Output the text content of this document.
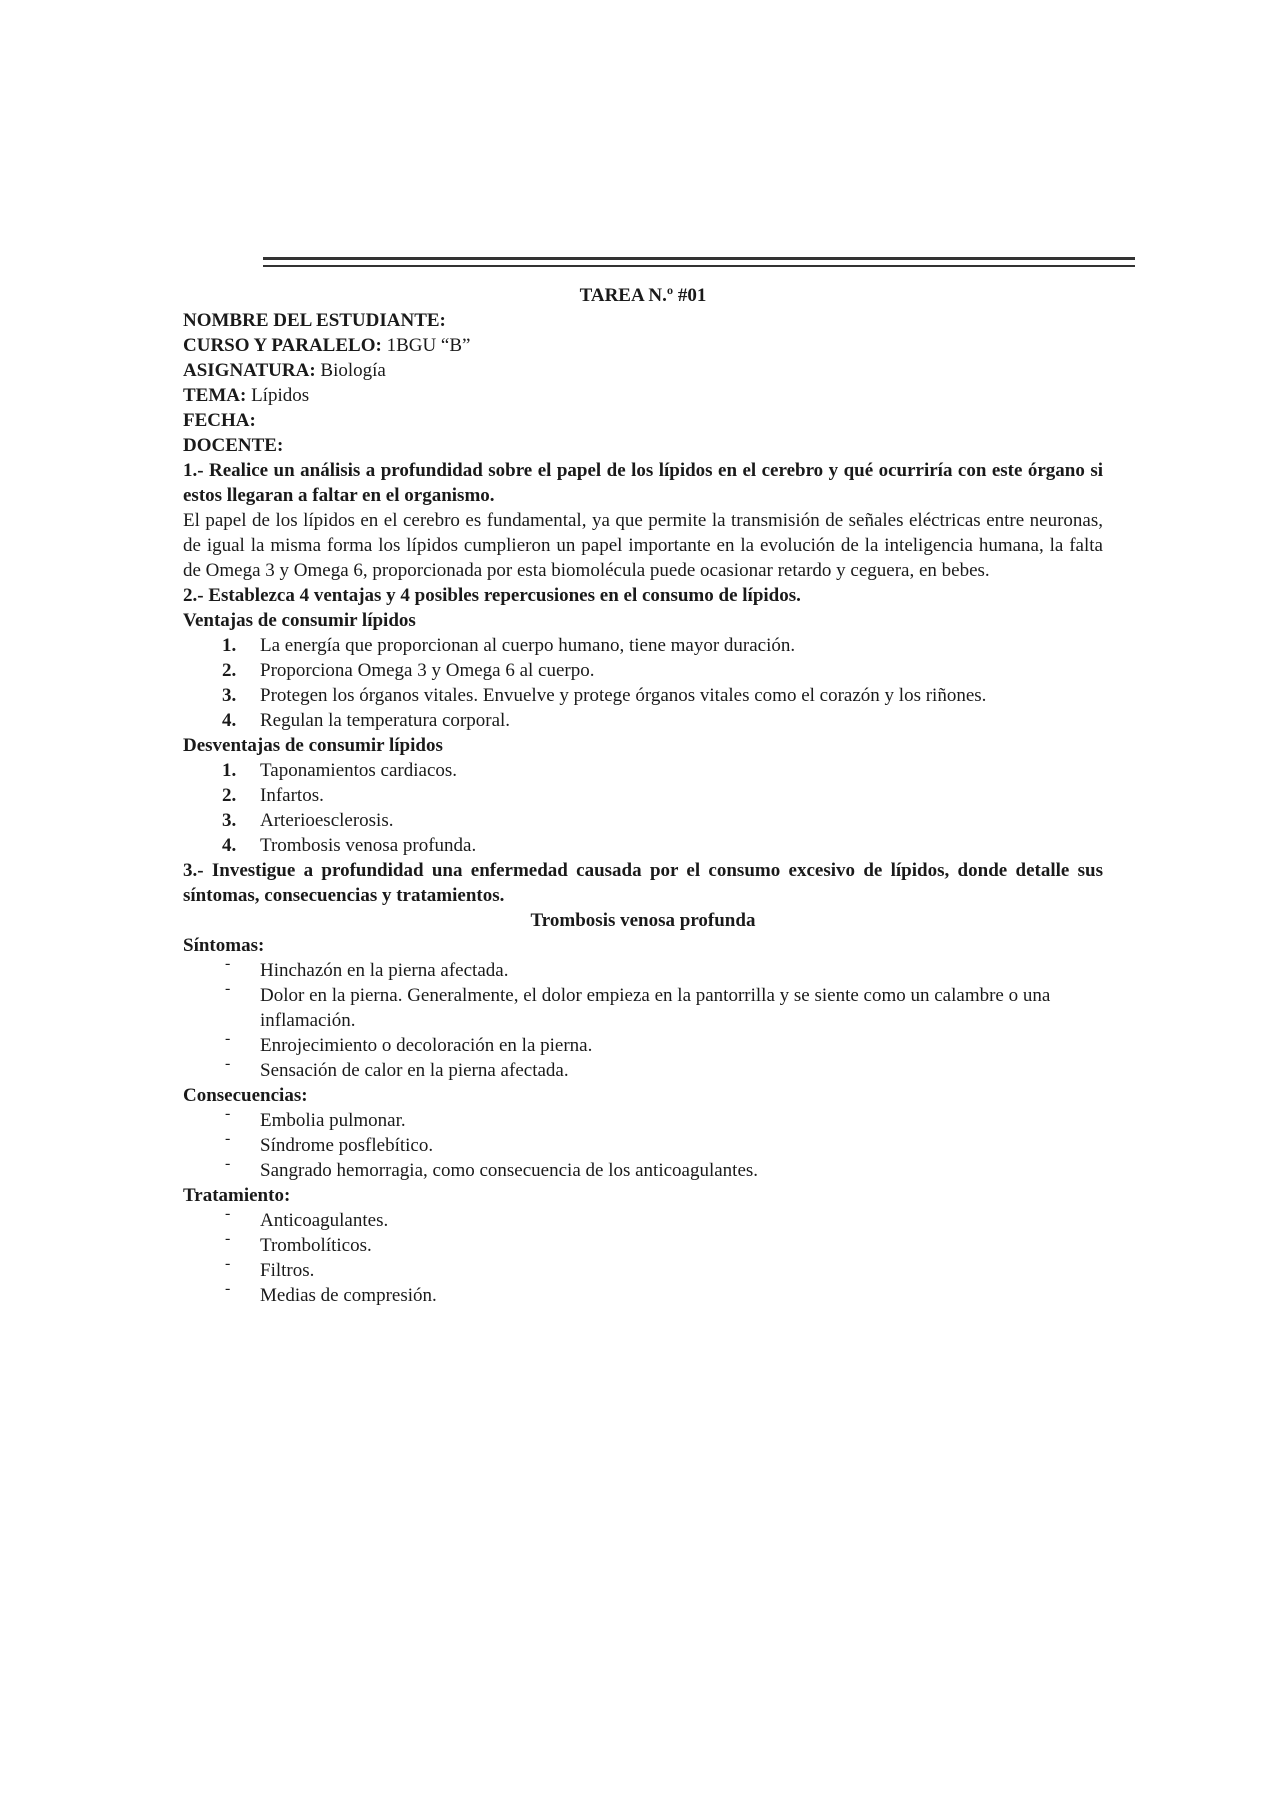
TAREA N.º #01
NOMBRE DEL ESTUDIANTE:
CURSO Y PARALELO: 1BGU “B”
ASIGNATURA: Biología
TEMA: Lípidos
FECHA:
DOCENTE:
1.- Realice un análisis a profundidad sobre el papel de los lípidos en el cerebro y qué ocurriría con este órgano si estos llegaran a faltar en el organismo.
El papel de los lípidos en el cerebro es fundamental, ya que permite la transmisión de señales eléctricas entre neuronas, de igual la misma forma los lípidos cumplieron un papel importante en la evolución de la inteligencia humana, la falta de Omega 3 y Omega 6, proporcionada por esta biomolécula puede ocasionar retardo y ceguera, en bebes.
2.- Establezca 4 ventajas y 4 posibles repercusiones en el consumo de lípidos.
Ventajas de consumir lípidos
1.	La energía que proporcionan al cuerpo humano, tiene mayor duración.
2.	Proporciona Omega 3 y Omega 6 al cuerpo.
3.	Protegen los órganos vitales. Envuelve y protege órganos vitales como el corazón y los riñones.
4.	Regulan la temperatura corporal.
Desventajas de consumir lípidos
1.	Taponamientos cardiacos.
2.	Infartos.
3.	Arterioesclerosis.
4.	Trombosis venosa profunda.
3.- Investigue a profundidad una enfermedad causada por el consumo excesivo de lípidos, donde detalle sus síntomas, consecuencias y tratamientos.
Trombosis venosa profunda
Síntomas:
- Hinchazón en la pierna afectada.
- Dolor en la pierna. Generalmente, el dolor empieza en la pantorrilla y se siente como un calambre o una inflamación.
- Enrojecimiento o decoloración en la pierna.
- Sensación de calor en la pierna afectada.
Consecuencias:
- Embolia pulmonar.
- Síndrome posflebítico.
- Sangrado hemorragia, como consecuencia de los anticoagulantes.
Tratamiento:
- Anticoagulantes.
- Trombolíticos.
- Filtros.
- Medias de compresión.
